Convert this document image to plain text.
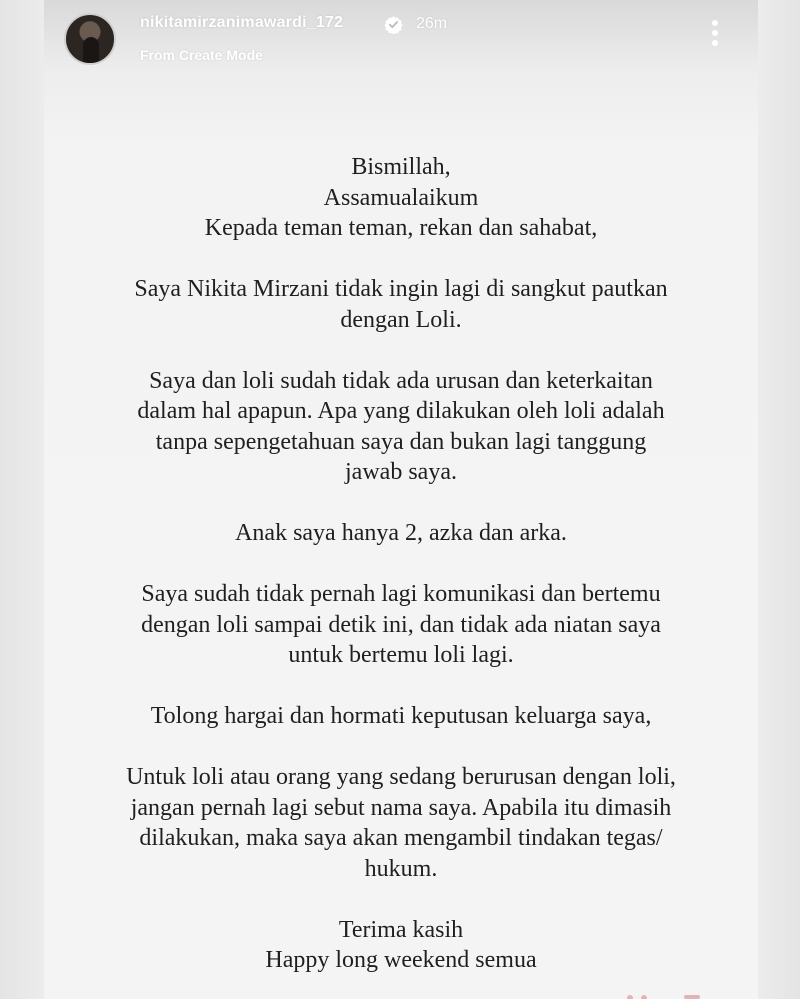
nikitamirzanimawardi_172	26m
From Create Mode

Bismillah,
Assamualaikum
Kepada teman teman, rekan dan sahabat,

Saya Nikita Mirzani tidak ingin lagi di sangkut pautkan
dengan Loli.

Saya dan loli sudah tidak ada urusan dan keterkaitan
dalam hal apapun. Apa yang dilakukan oleh loli adalah
tanpa sepengetahuan saya dan bukan lagi tanggung
jawab saya.

Anak saya hanya 2, azka dan arka.

Saya sudah tidak pernah lagi komunikasi dan bertemu
dengan loli sampai detik ini, dan tidak ada niatan saya
untuk bertemu loli lagi.

Tolong hargai dan hormati keputusan keluarga saya,

Untuk loli atau orang yang sedang berurusan dengan loli,
jangan pernah lagi sebut nama saya. Apabila itu dimasih
dilakukan, maka saya akan mengambil tindakan tegas/
hukum.

Terima kasih
Happy long weekend semua
